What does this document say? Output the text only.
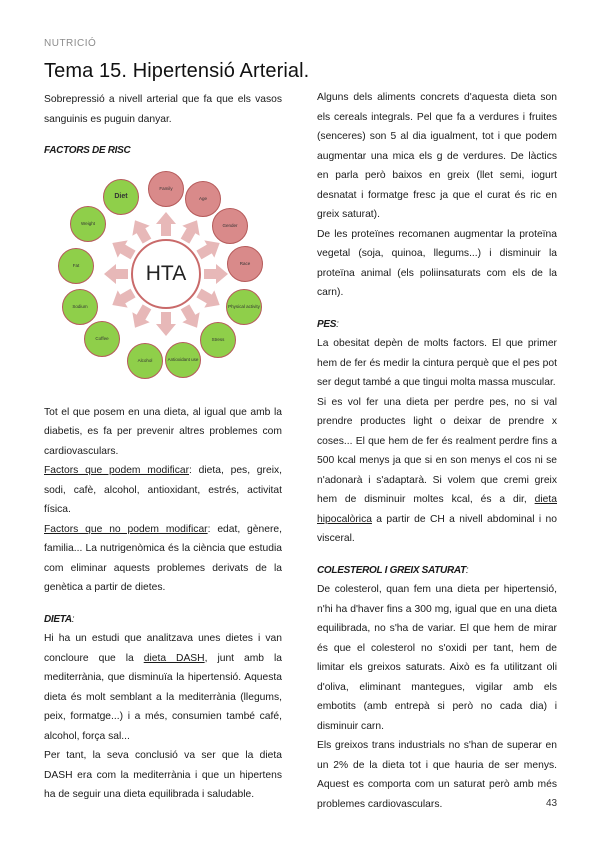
NUTRICIÓ
Tema 15. Hipertensió Arterial.

Sobrepressió a nivell arterial que fa que els vasos sanguinis es puguin danyar.

FACTORS DE RISC

HTA
Family
Age
Gender
Race
Physical activity
Stress
Antioxidant use
Alcohol
Coffee
Sodium
Fat
Weight
Diet

Tot el que posem en una dieta, al igual que amb la diabetis, es fa per prevenir altres problemes com cardiovasculars.

Factors que podem modificar: dieta, pes, greix, sodi, cafè, alcohol, antioxidant, estrés, activitat física.

Factors que no podem modificar: edat, gènere, familia... La nutrigenòmica és la ciència que estudia com eliminar aquests problemes derivats de la genètica a partir de dietes.

DIETA:

Hi ha un estudi que analitzava unes dietes i van concloure que la dieta DASH, junt amb la mediterrània, que disminuïa la hipertensió. Aquesta dieta és molt semblant a la mediterrània (llegums, peix, formatge...) i a més, consumien també café, alcohol, força sal...

Per tant, la seva conclusió va ser que la dieta DASH era com la mediterrània i que un hipertens ha de seguir una dieta equilibrada i saludable.

Alguns dels aliments concrets d'aquesta dieta son els cereals integrals. Pel que fa a verdures i fruites (senceres) son 5 al dia igualment, tot i que podem augmentar una mica els g de verdures. De làctics en parla però baixos en greix (llet semi, iogurt desnatat i formatge fresc ja que el curat és ric en greix saturat).

De les proteïnes recomanen augmentar la proteïna vegetal (soja, quinoa, llegums...) i disminuir la proteïna animal (els poliinsaturats com els de la carn).

PES:

La obesitat depèn de molts factors. El que primer hem de fer és medir la cintura perquè que el pes pot ser degut també a que tingui molta massa muscular.

Si es vol fer una dieta per perdre pes, no si val prendre productes light o deixar de prendre x coses... El que hem de fer és realment perdre fins a 500 kcal menys ja que si en son menys el cos ni se n'adonarà i s'adaptarà. Si volem que cremi greix hem de disminuir moltes kcal, és a dir, dieta hipocalòrica a partir de CH a nivell abdominal i no visceral.

COLESTEROL I GREIX SATURAT:

De colesterol, quan fem una dieta per hipertensió, n'hi ha d'haver fins a 300 mg, igual que en una dieta equilibrada, no s'ha de variar. El que hem de mirar és que el colesterol no s'oxidi per tant, hem de limitar els greixos saturats. Això es fa utilitzant oli d'oliva, eliminant mantegues, vigilar amb els embotits (amb entrepà si però no cada dia) i disminuir carn.

Els greixos trans industrials no s'han de superar en un 2% de la dieta tot i que hauria de ser menys. Aquest es comporta com un saturat però amb més problemes cardiovasculars.	43
